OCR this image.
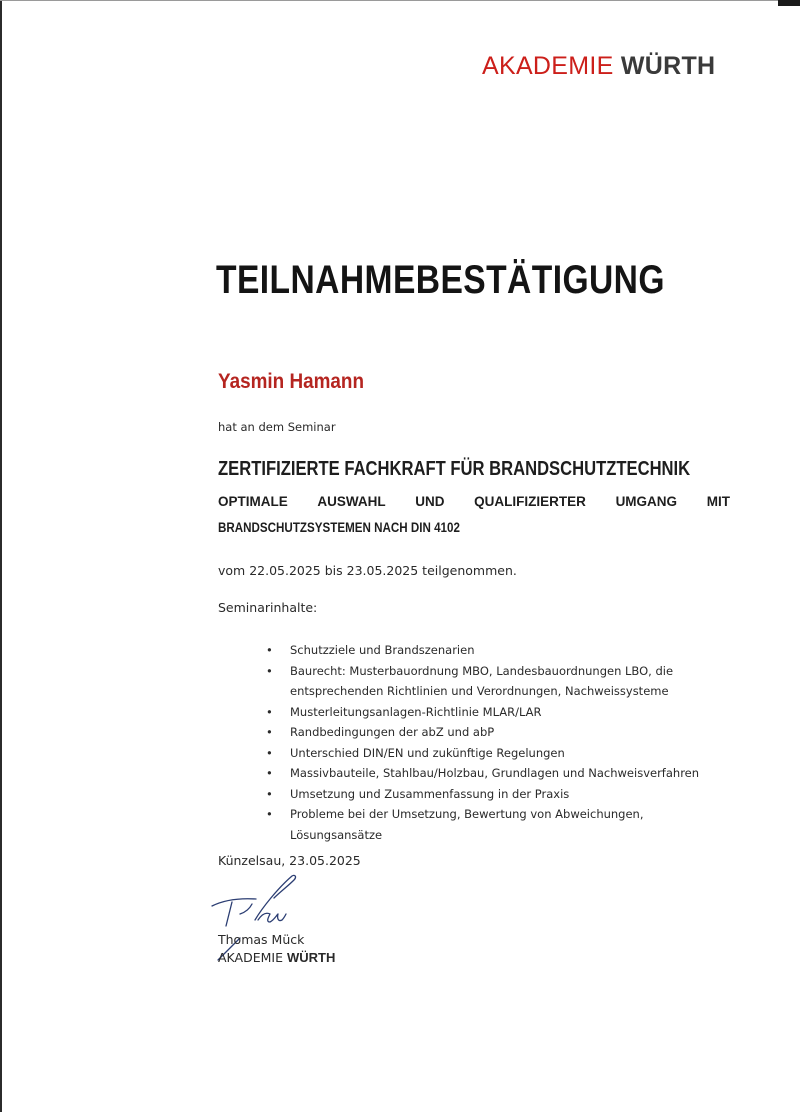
AKADEMIE WÜRTH
TEILNAHMEBESTÄTIGUNG
Yasmin Hamann
hat an dem Seminar
ZERTIFIZIERTE FACHKRAFT FÜR BRANDSCHUTZTECHNIK
OPTIMALE AUSWAHL UND QUALIFIZIERTER UMGANG MIT
BRANDSCHUTZSYSTEMEN NACH DIN 4102
vom 22.05.2025 bis 23.05.2025 teilgenommen.
Seminarinhalte:
• Schutzziele und Brandszenarien
• Baurecht: Musterbauordnung MBO, Landesbauordnungen LBO, die
entsprechenden Richtlinien und Verordnungen, Nachweissysteme
• Musterleitungsanlagen-Richtlinie MLAR/LAR
• Randbedingungen der abZ und abP
• Unterschied DIN/EN und zukünftige Regelungen
• Massivbauteile, Stahlbau/Holzbau, Grundlagen und Nachweisverfahren
• Umsetzung und Zusammenfassung in der Praxis
• Probleme bei der Umsetzung, Bewertung von Abweichungen, Lösungsansätze
Künzelsau, 23.05.2025
Thomas Mück
AKADEMIE WÜRTH
